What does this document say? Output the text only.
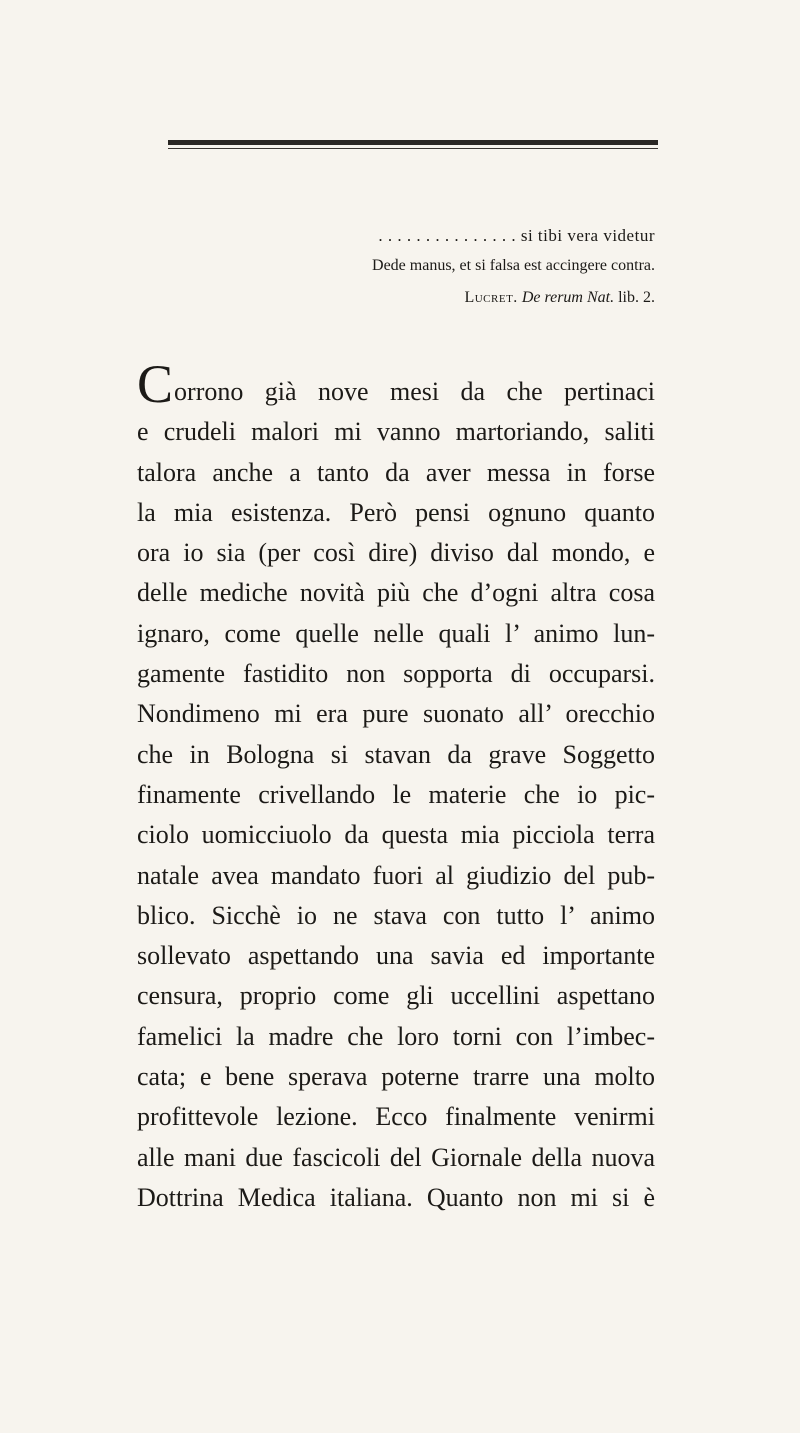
. . . . . . . . . . . . . . . si tibi vera videtur
Dede manus, et si falsa est accingere contra.
Lucret. De rerum Nat. lib. 2.
Corrono già nove mesi da che pertinaci
e crudeli malori mi vanno martoriando, saliti
talora anche a tanto da aver messa in forse
la mia esistenza. Però pensi ognuno quanto
ora io sia (per così dire) diviso dal mondo, e
delle mediche novità più che d’ogni altra cosa
ignaro, come quelle nelle quali l’ animo lun-
gamente fastidito non sopporta di occuparsi.
Nondimeno mi era pure suonato all’ orecchio
che in Bologna si stavan da grave Soggetto
finamente crivellando le materie che io pic-
ciolo uomicciuolo da questa mia picciola terra
natale avea mandato fuori al giudizio del pub-
blico. Sicchè io ne stava con tutto l’ animo
sollevato aspettando una savia ed importante
censura, proprio come gli uccellini aspettano
famelici la madre che loro torni con l’imbec-
cata; e bene sperava poterne trarre una molto
profittevole lezione. Ecco finalmente venirmi
alle mani due fascicoli del Giornale della nuova
Dottrina Medica italiana. Quanto non mi si è
